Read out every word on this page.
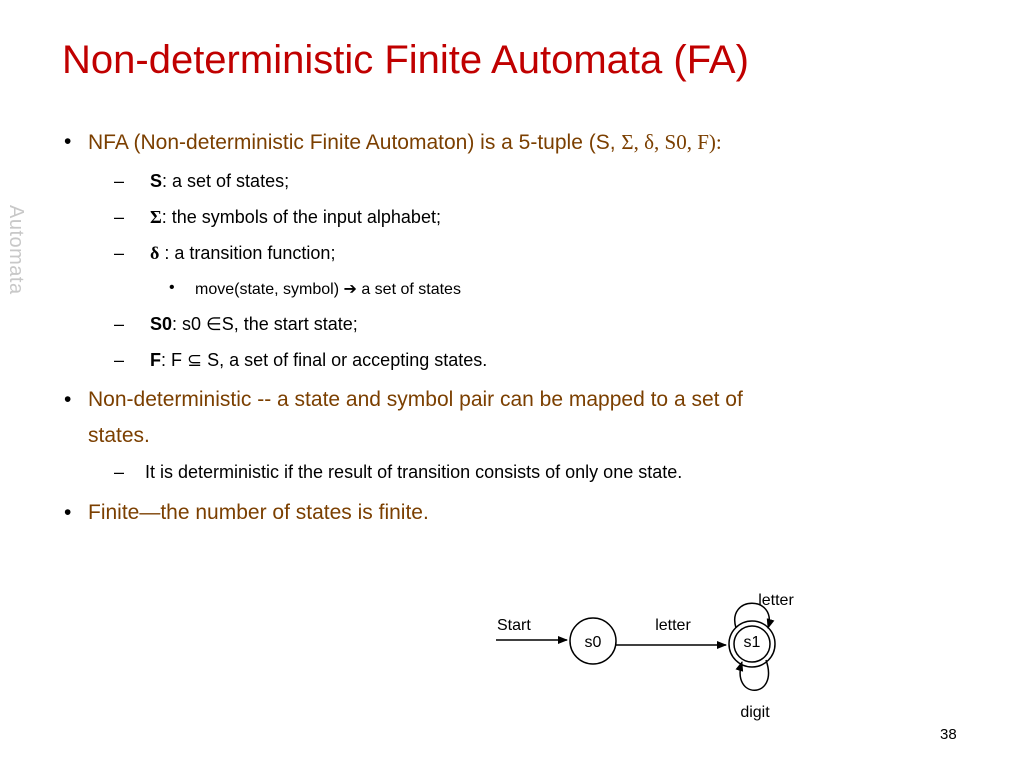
Automata
Non-deterministic Finite Automata (FA)
• NFA (Non-deterministic Finite Automaton) is a 5-tuple (S, Σ, δ, S0, F):
– S: a set of states;
– Σ: the symbols of the input alphabet;
– δ : a transition function;
• move(state, symbol) ➔ a set of states
– S0: s0 ∈S, the start state;
– F: F ⊆ S, a set of final or accepting states.
• Non-deterministic -- a state and symbol pair can be mapped to a set of
states.
– It is deterministic if the result of transition consists of only one state.
• Finite—the number of states is finite.
Start
s0
letter
s1
letter
digit
38
